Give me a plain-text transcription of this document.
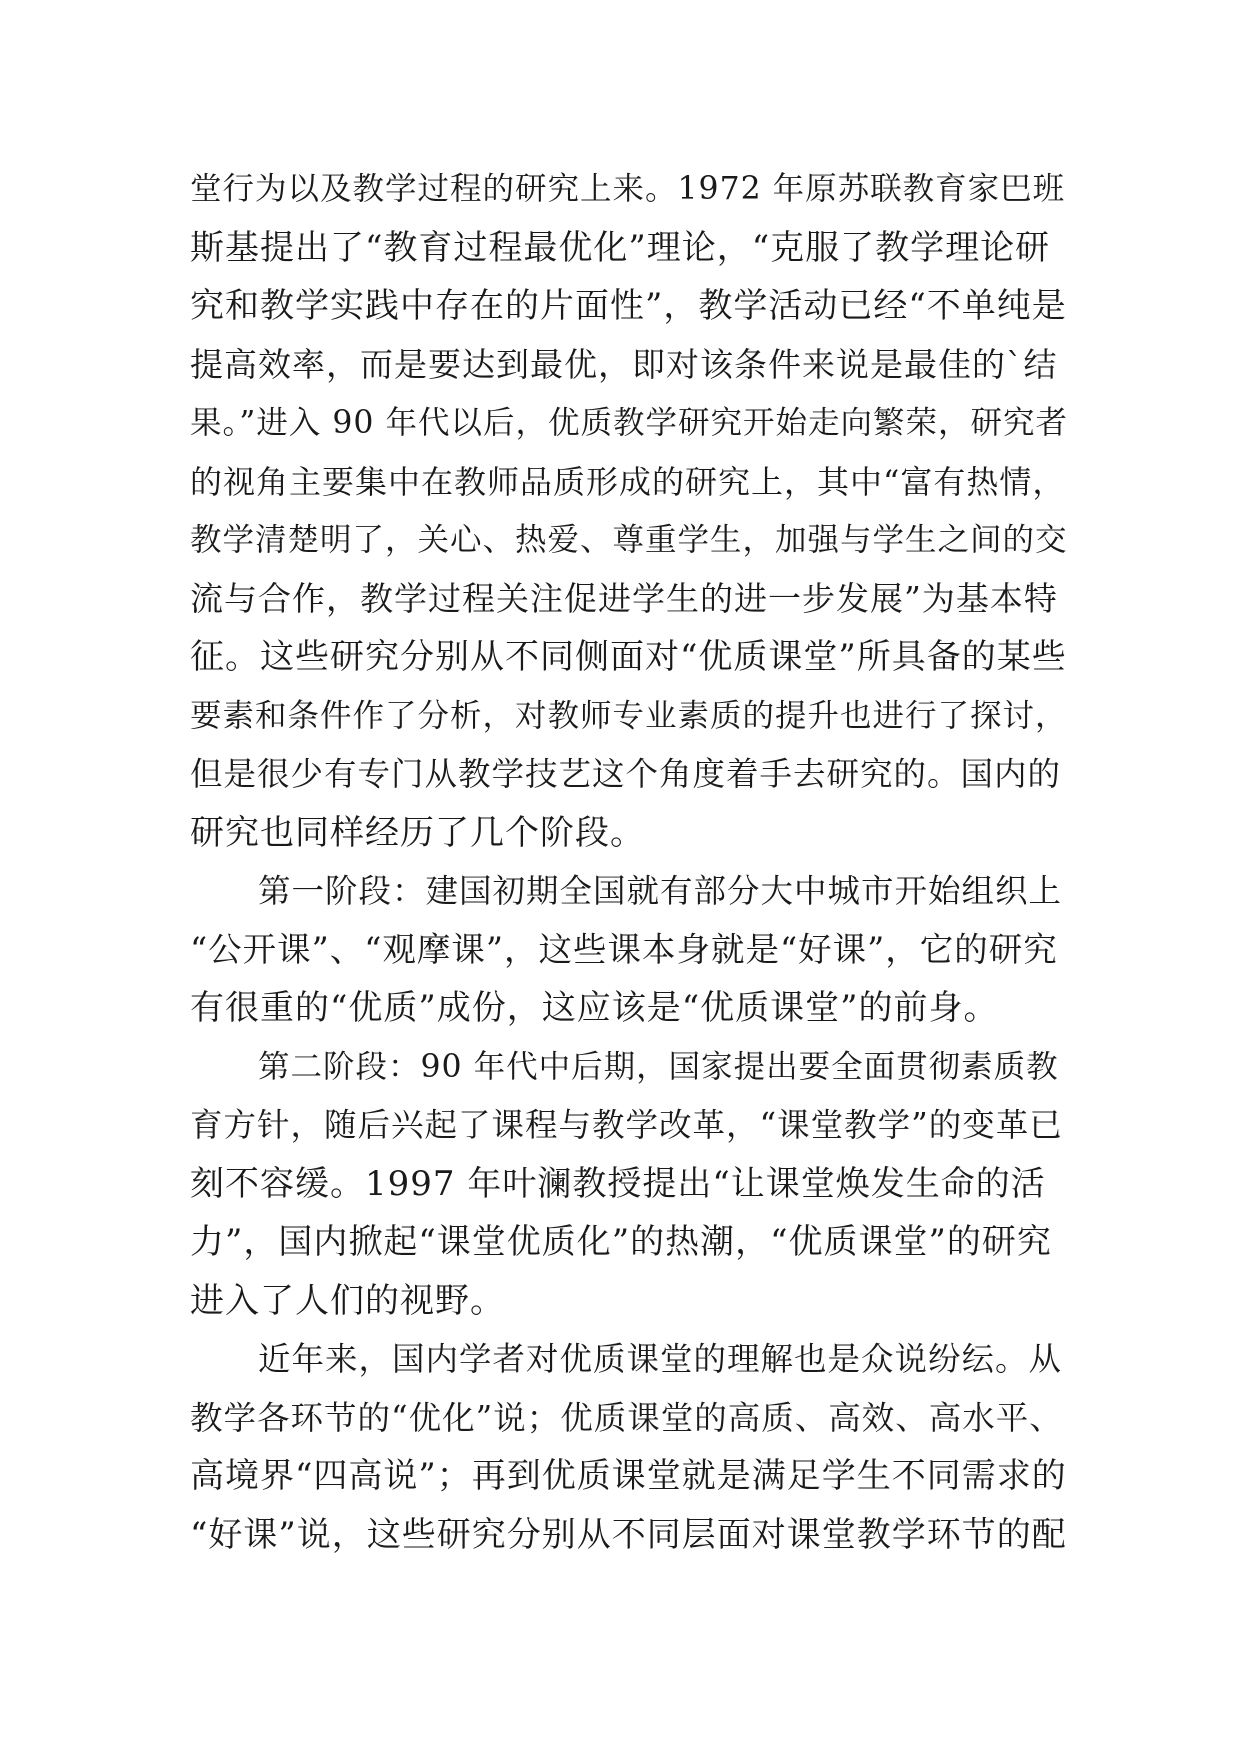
堂行为以及教学过程的研究上来。1972 年原苏联教育家巴班
斯基提出了“教育过程最优化”理论，“克服了教学理论研
究和教学实践中存在的片面性”，教学活动已经“不单纯是
提高效率，而是要达到最优，即对该条件来说是最佳的`结
果。”进入 90 年代以后，优质教学研究开始走向繁荣，研究者
的视角主要集中在教师品质形成的研究上，其中“富有热情，
教学清楚明了，关心、热爱、尊重学生，加强与学生之间的交
流与合作，教学过程关注促进学生的进一步发展”为基本特
征。这些研究分别从不同侧面对“优质课堂”所具备的某些
要素和条件作了分析，对教师专业素质的提升也进行了探讨，
但是很少有专门从教学技艺这个角度着手去研究的。国内的
研究也同样经历了几个阶段。
第一阶段：建国初期全国就有部分大中城市开始组织上
“公开课”、“观摩课”，这些课本身就是“好课”，它的研究
有很重的“优质”成份，这应该是“优质课堂”的前身。
第二阶段：90 年代中后期，国家提出要全面贯彻素质教
育方针，随后兴起了课程与教学改革，“课堂教学”的变革已
刻不容缓。1997 年叶澜教授提出“让课堂焕发生命的活
力”，国内掀起“课堂优质化”的热潮，“优质课堂”的研究
进入了人们的视野。
近年来，国内学者对优质课堂的理解也是众说纷纭。从
教学各环节的“优化”说；优质课堂的高质、高效、高水平、
高境界“四高说”；再到优质课堂就是满足学生不同需求的
“好课”说，这些研究分别从不同层面对课堂教学环节的配
